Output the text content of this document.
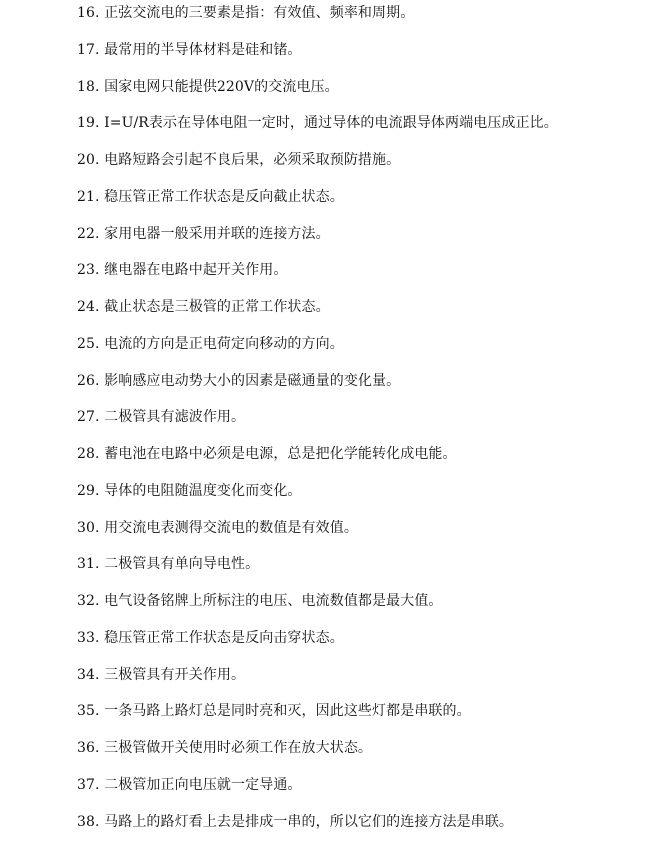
16. 正弦交流电的三要素是指：有效值、频率和周期。
17. 最常用的半导体材料是硅和锗。
18. 国家电网只能提供220V的交流电压。
19. I=U/R表示在导体电阻一定时，通过导体的电流跟导体两端电压成正比。
20. 电路短路会引起不良后果，必须采取预防措施。
21. 稳压管正常工作状态是反向截止状态。
22. 家用电器一般采用并联的连接方法。
23. 继电器在电路中起开关作用。
24. 截止状态是三极管的正常工作状态。
25. 电流的方向是正电荷定向移动的方向。
26. 影响感应电动势大小的因素是磁通量的变化量。
27. 二极管具有滤波作用。
28. 蓄电池在电路中必须是电源，总是把化学能转化成电能。
29. 导体的电阻随温度变化而变化。
30. 用交流电表测得交流电的数值是有效值。
31. 二极管具有单向导电性。
32. 电气设备铭牌上所标注的电压、电流数值都是最大值。
33. 稳压管正常工作状态是反向击穿状态。
34. 三极管具有开关作用。
35. 一条马路上路灯总是同时亮和灭，因此这些灯都是串联的。
36. 三极管做开关使用时必须工作在放大状态。
37. 二极管加正向电压就一定导通。
38. 马路上的路灯看上去是排成一串的，所以它们的连接方法是串联。
